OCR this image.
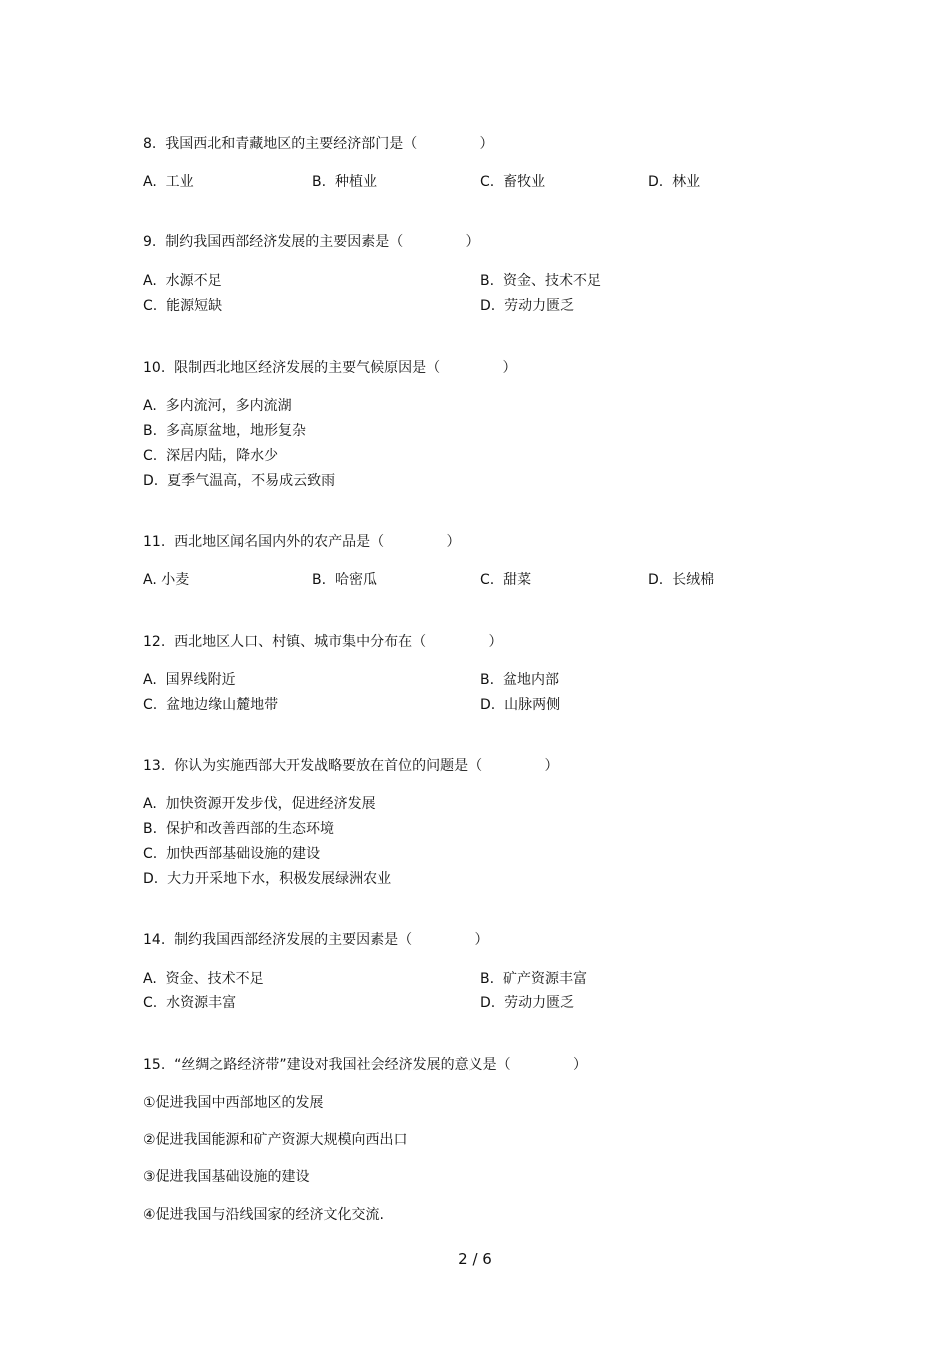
8.  我国西北和青藏地区的主要经济部门是（              ）
A.  工业	B.  种植业	C.  畜牧业	D.  林业
9.  制约我国西部经济发展的主要因素是（              ）
A.  水源不足	B.  资金、技术不足
C.  能源短缺	D.  劳动力匮乏
10.  限制西北地区经济发展的主要气候原因是（              ）
A.  多内流河，多内流湖
B.  多高原盆地，地形复杂
C.  深居内陆，降水少
D.  夏季气温高，不易成云致雨
11.  西北地区闻名国内外的农产品是（              ）
A. 小麦	B.  哈密瓜	C.  甜菜	D.  长绒棉
12.  西北地区人口、村镇、城市集中分布在（              ）
A.  国界线附近	B.  盆地内部
C.  盆地边缘山麓地带	D.  山脉两侧
13.  你认为实施西部大开发战略要放在首位的问题是（              ）
A.  加快资源开发步伐，促进经济发展
B.  保护和改善西部的生态环境
C.  加快西部基础设施的建设
D.  大力开采地下水，积极发展绿洲农业
14.  制约我国西部经济发展的主要因素是（              ）
A.  资金、技术不足	B.  矿产资源丰富
C.  水资源丰富	D.  劳动力匮乏
15.  “丝绸之路经济带”建设对我国社会经济发展的意义是（              ）
①促进我国中西部地区的发展
②促进我国能源和矿产资源大规模向西出口
③促进我国基础设施的建设
④促进我国与沿线国家的经济文化交流.
2 / 6
